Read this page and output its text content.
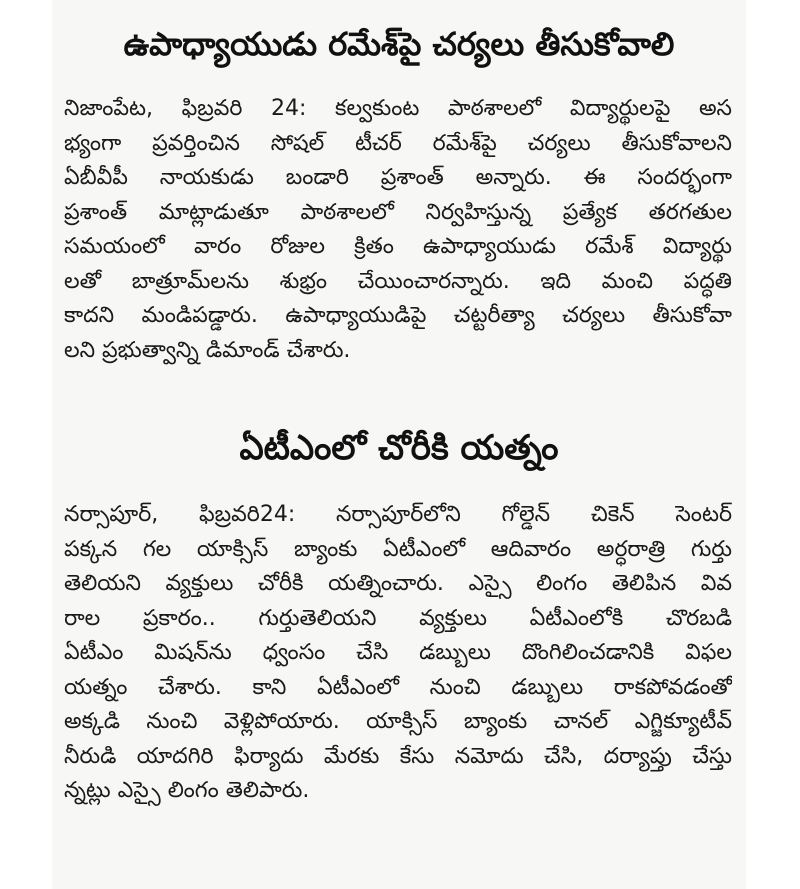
ఉపాధ్యాయుడు రమేశ్‌పై చర్యలు తీసుకోవాలి

నిజాంపేట, ఫిబ్రవరి 24: కల్వకుంట పాఠశాలలో విద్యార్థులపై అస
భ్యంగా ప్రవర్తించిన సోషల్ టీచర్ రమేశ్‌పై చర్యలు తీసుకోవాలని
ఏబీవీపీ నాయకుడు బండారి ప్రశాంత్ అన్నారు. ఈ సందర్భంగా
ప్రశాంత్ మాట్లాడుతూ పాఠశాలలో నిర్వహిస్తున్న ప్రత్యేక తరగతుల
సమయంలో వారం రోజుల క్రితం ఉపాధ్యాయుడు రమేశ్ విద్యార్థు
లతో బాత్రూమ్‌లను శుభ్రం చేయించారన్నారు. ఇది మంచి పద్ధతి
కాదని మండిపడ్డారు. ఉపాధ్యాయుడిపై చట్టరీత్యా చర్యలు తీసుకోవా
లని ప్రభుత్వాన్ని డిమాండ్ చేశారు.

ఏటీఎంలో చోరీకి యత్నం

నర్సాపూర్, ఫిబ్రవరి24: నర్సాపూర్‌లోని గోల్డెన్ చికెన్ సెంటర్
పక్కన గల యాక్సిస్ బ్యాంకు ఏటీఎంలో ఆదివారం అర్ధరాత్రి గుర్తు
తెలియని వ్యక్తులు చోరీకి యత్నించారు. ఎస్సై లింగం తెలిపిన వివ
రాల ప్రకారం.. గుర్తుతెలియని వ్యక్తులు ఏటీఎంలోకి చొరబడి
ఏటీఎం మిషన్‌ను ధ్వంసం చేసి డబ్బులు దొంగిలించడానికి విఫల
యత్నం చేశారు. కాని ఏటీఎంలో నుంచి డబ్బులు రాకపోవడంతో
అక్కడి నుంచి వెళ్లిపోయారు. యాక్సిస్ బ్యాంకు చానల్ ఎగ్జిక్యూటీవ్
నీరుడి యాదగిరి ఫిర్యాదు మేరకు కేసు నమోదు చేసి, దర్యాప్తు చేస్తు
న్నట్లు ఎస్సై లింగం తెలిపారు.
